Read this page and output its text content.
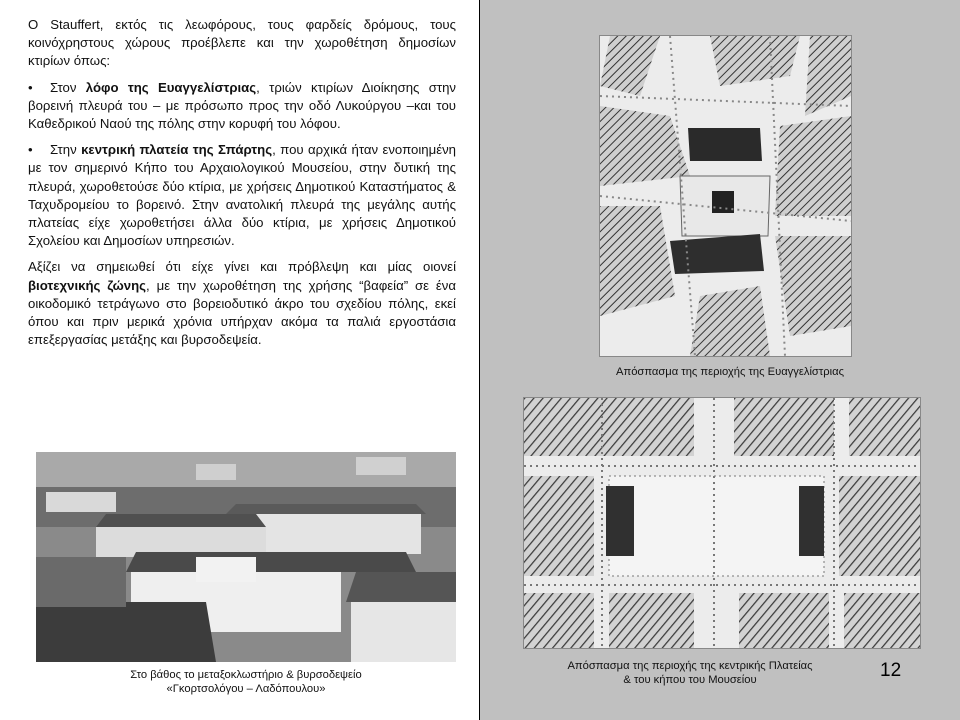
Ο Stauffert, εκτός τις λεωφόρους, τους φαρδείς δρόμους, τους κοινόχρηστους χώρους προέβλεπε και την χωροθέτηση δημοσίων κτιρίων όπως:

• Στον λόφο της Ευαγγελίστριας, τριών κτιρίων Διοίκησης στην βορεινή πλευρά του – με πρόσωπο προς την οδό Λυκούργου –και του Καθεδρικού Ναού της πόλης στην κορυφή του λόφου.

• Στην κεντρική πλατεία της Σπάρτης, που αρχικά ήταν ενοποιημένη με τον σημερινό Κήπο του Αρχαιολογικού Μουσείου, στην δυτική της πλευρά, χωροθετούσε δύο κτίρια, με χρήσεις Δημοτικού Καταστήματος & Ταχυδρομείου το βορεινό. Στην ανατολική πλευρά της μεγάλης αυτής πλατείας είχε χωροθετήσει άλλα δύο κτίρια, με χρήσεις Δημοτικού Σχολείου και Δημοσίων υπηρεσιών.

Αξίζει να σημειωθεί ότι είχε γίνει και πρόβλεψη και μίας οιονεί βιοτεχνικής ζώνης, με την χωροθέτηση της χρήσης “βαφεία” σε ένα οικοδομικό τετράγωνο στο βορειοδυτικό άκρο του σχεδίου πόλης, εκεί όπου και πριν μερικά χρόνια υπήρχαν ακόμα τα παλιά εργοστάσια επεξεργασίας μετάξης και βυρσοδεψεία.

Στο βάθος το μεταξοκλωστήριο & βυρσοδεψείο
«Γκορτσολόγου – Λαδόπουλου»
Απόσπασμα της περιοχής της Ευαγγελίστριας
Απόσπασμα της περιοχής της κεντρικής Πλατείας
& του κήπου του Μουσείου	12
